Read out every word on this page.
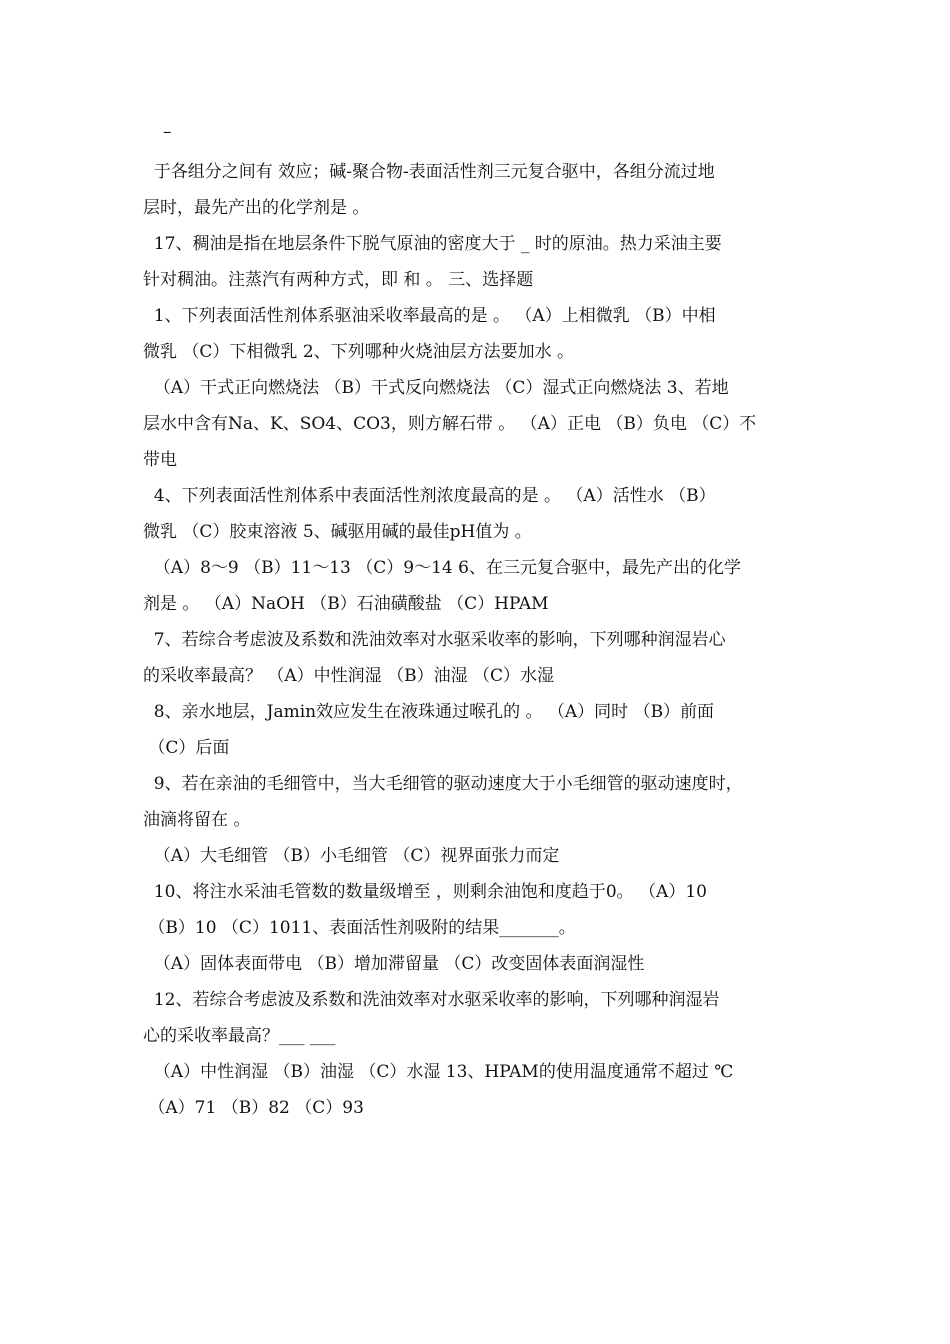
–
于各组分之间有 效应；碱-聚合物-表面活性剂三元复合驱中，各组分流过地
层时，最先产出的化学剂是 。
17、稠油是指在地层条件下脱气原油的密度大于 _ 时的原油。热力采油主要
针对稠油。注蒸汽有两种方式，即 和 。 三、选择题
1、下列表面活性剂体系驱油采收率最高的是 。 （A）上相微乳 （B）中相
微乳 （C）下相微乳 2、下列哪种火烧油层方法要加水 。
（A）干式正向燃烧法 （B）干式反向燃烧法 （C）湿式正向燃烧法 3、若地
层水中含有Na、K、SO4、CO3，则方解石带 。 （A）正电 （B）负电 （C）不
带电
4、下列表面活性剂体系中表面活性剂浓度最高的是 。 （A）活性水 （B）
微乳 （C）胶束溶液 5、碱驱用碱的最佳pH值为 。
（A）8～9 （B）11～13 （C）9～14 6、在三元复合驱中，最先产出的化学
剂是 。 （A）NaOH （B）石油磺酸盐 （C）HPAM
7、若综合考虑波及系数和洗油效率对水驱采收率的影响，下列哪种润湿岩心
的采收率最高？ （A）中性润湿 （B）油湿 （C）水湿
8、亲水地层，Jamin效应发生在液珠通过喉孔的 。 （A）同时 （B）前面
（C）后面
9、若在亲油的毛细管中，当大毛细管的驱动速度大于小毛细管的驱动速度时，
油滴将留在 。
（A）大毛细管 （B）小毛细管 （C）视界面张力而定
10、将注水采油毛管数的数量级增至 ，则剩余油饱和度趋于0。 （A）10
（B）10 （C）1011、表面活性剂吸附的结果_______。
（A）固体表面带电 （B）增加滞留量 （C）改变固体表面润湿性
12、若综合考虑波及系数和洗油效率对水驱采收率的影响，下列哪种润湿岩
心的采收率最高？___ ___
（A）中性润湿 （B）油湿 （C）水湿 13、HPAM的使用温度通常不超过 ℃
（A）71 （B）82 （C）93
